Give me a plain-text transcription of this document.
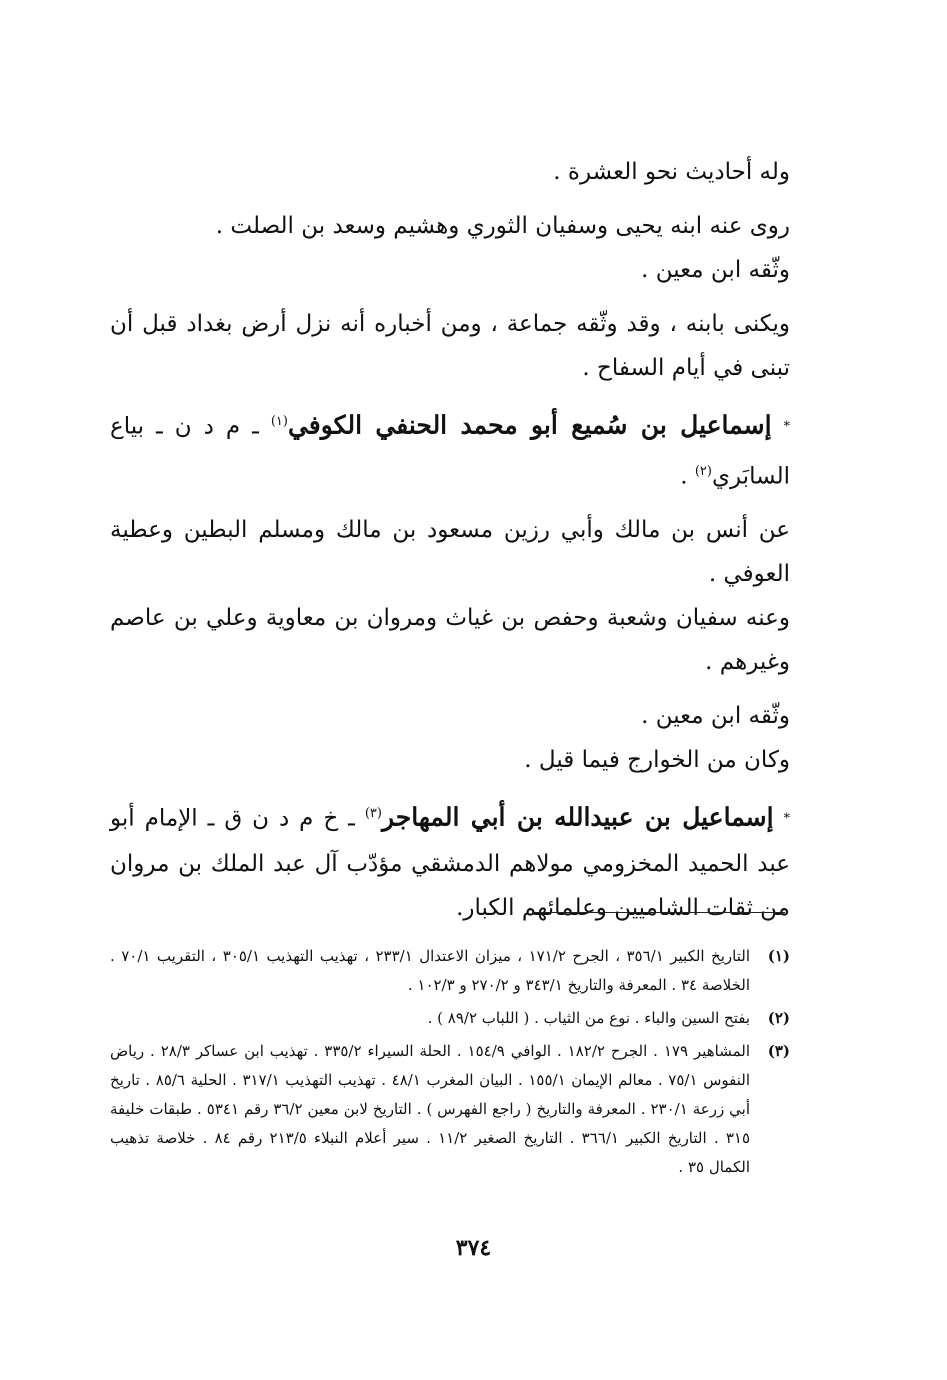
وله أحاديث نحو العشرة .

روى عنه ابنه يحيى وسفيان الثوري وهشيم وسعد بن الصلت .

وثّقه ابن معين .

ويكنى بابنه ، وقد وثّقه جماعة ، ومن أخباره أنه نزل أرض بغداد قبل أن تبنى في أيام السفاح .

* إسماعيل بن سُميع أبو محمد الحنفي الكوفي$^{(١)}$ ـ م د ن ـ بياع السابَري$^{(٢)}$ .

عن أنس بن مالك وأبي رزين مسعود بن مالك ومسلم البطين وعطية العوفي .

وعنه سفيان وشعبة وحفص بن غياث ومروان بن معاوية وعلي بن عاصم وغيرهم .

وثّقه ابن معين .

وكان من الخوارج فيما قيل .

* إسماعيل بن عبيدالله بن أبي المهاجر$^{(٣)}$ ـ خ م د ن ق ـ الإمام أبو عبد الحميد المخزومي مولاهم الدمشقي مؤدّب آل عبد الملك بن مروان من ثقات الشاميين وعلمائهم الكبار.

(١)
التاريخ الكبير ٣٥٦/١ ، الجرح ١٧١/٢ ، ميزان الاعتدال ٢٣٣/١ ، تهذيب التهذيب ٣٠٥/١ ، التقريب ٧٠/١ . الخلاصة ٣٤ . المعرفة والتاريخ ٣٤٣/١ و ٢٧٠/٢ و ١٠٢/٣ .
(٢)
بفتح السين والباء . نوع من الثياب . ( اللباب ٨٩/٢ ) .
(٣)
المشاهير ١٧٩ . الجرح ١٨٢/٢ . الوافي ١٥٤/٩ . الحلة السيراء ٣٣٥/٢ . تهذيب ابن عساكر ٢٨/٣ . رياض النفوس ٧٥/١ . معالم الإيمان ١٥٥/١ . البيان المغرب ٤٨/١ . تهذيب التهذيب ٣١٧/١ . الحلية ٨٥/٦ . تاريخ أبي زرعة ٢٣٠/١ . المعرفة والتاريخ ( راجع الفهرس ) . التاريخ لابن معين ٣٦/٢ رقم ٥٣٤١ . طبقات خليفة ٣١٥ . التاريخ الكبير ٣٦٦/١ . التاريخ الصغير ١١/٢ . سير أعلام النبلاء ٢١٣/٥ رقم ٨٤ . خلاصة تذهيب الكمال ٣٥ .
٣٧٤
